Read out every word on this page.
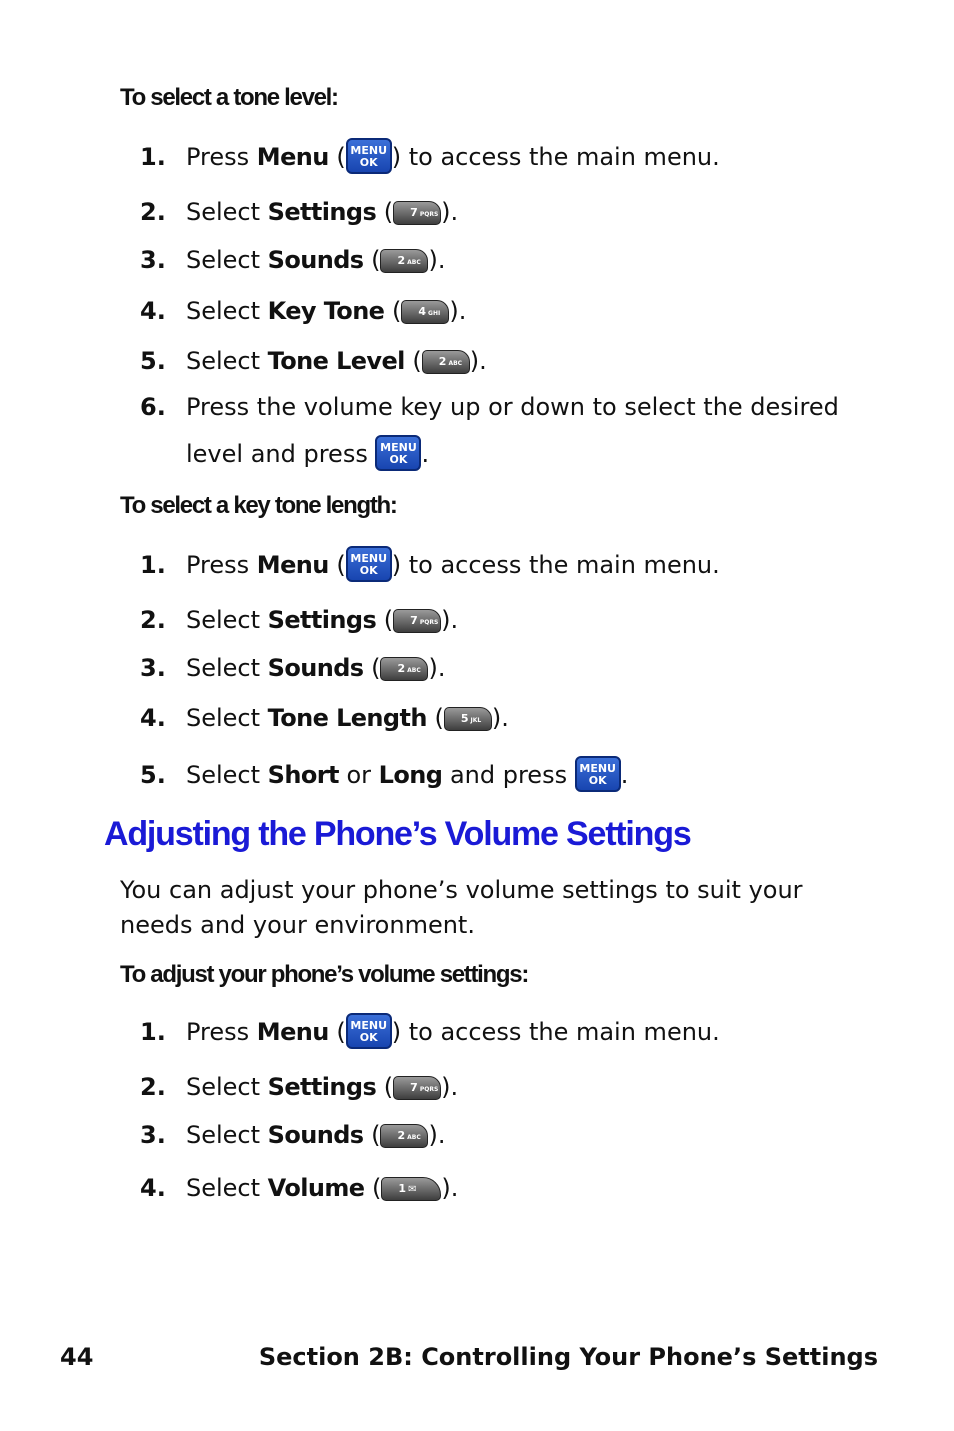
To select a tone level:
1. Press Menu ( MENU
OK ) to access the main menu.
2. Select Settings ( 7 PQRS ).
3. Select Sounds ( 2 ABC ).
4. Select Key Tone ( 4 GHI ).
5. Select Tone Level ( 2 ABC ).
6. Press the volume key up or down to select the desired
level and press MENU
OK .
To select a key tone length:
1. Press Menu ( MENU
OK ) to access the main menu.
2. Select Settings ( 7 PQRS ).
3. Select Sounds ( 2 ABC ).
4. Select Tone Length ( 5 JKL ).
5. Select Short or Long and press MENU
OK .
Adjusting the Phone’s Volume Settings
You can adjust your phone’s volume settings to suit your needs and your environment.
To adjust your phone’s volume settings:
1. Press Menu ( MENU
OK ) to access the main menu.
2. Select Settings ( 7 PQRS ).
3. Select Sounds ( 2 ABC ).
4. Select Volume ( 1 ✉ ).
44	Section 2B: Controlling Your Phone’s Settings
